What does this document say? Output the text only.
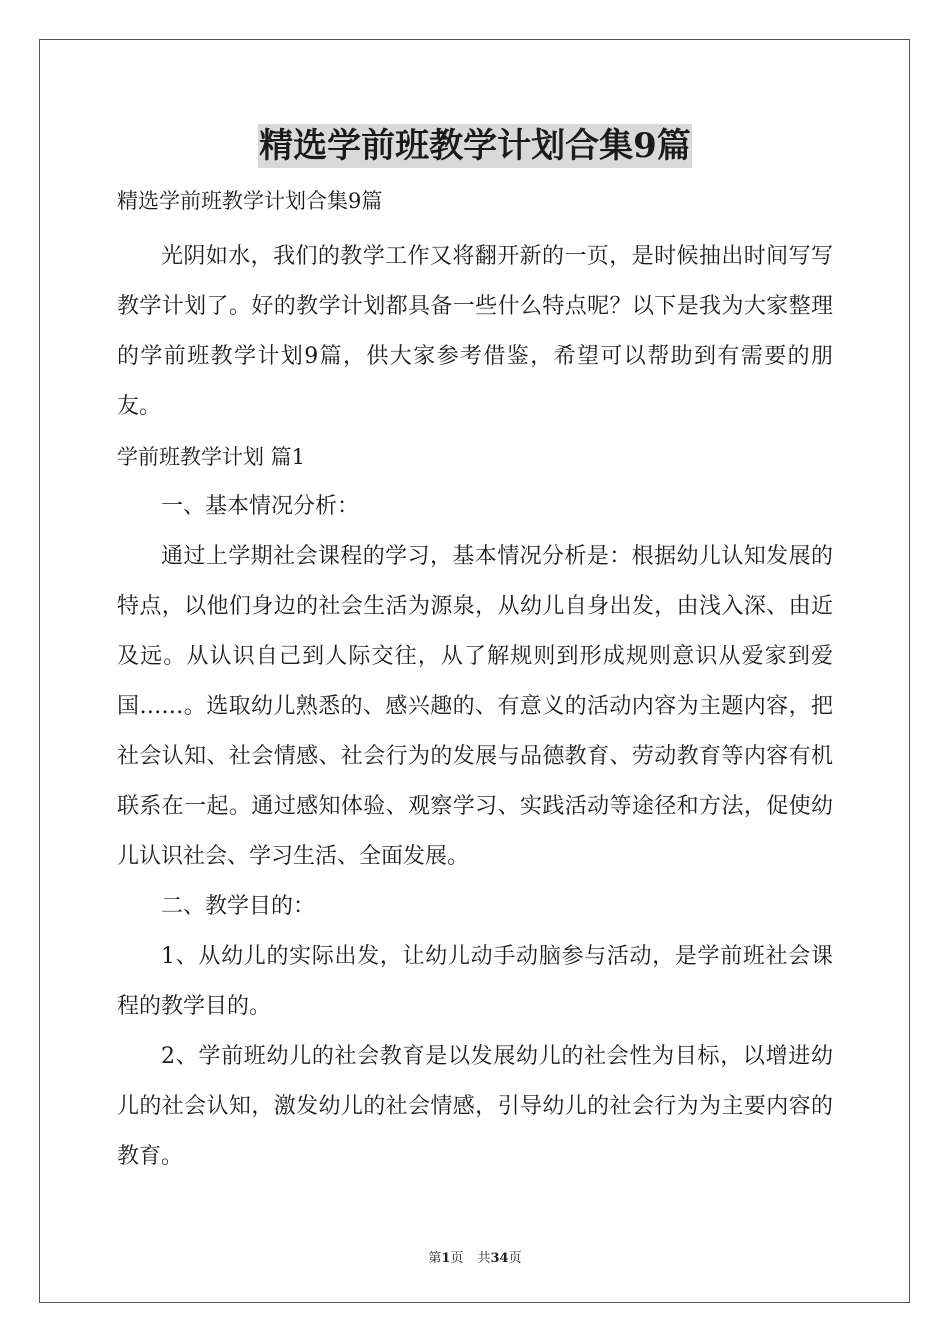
精选学前班教学计划合集9篇

精选学前班教学计划合集9篇

光阴如水，我们的教学工作又将翻开新的一页，是时候抽出时间写写教学计划了。好的教学计划都具备一些什么特点呢？以下是我为大家整理的学前班教学计划9篇，供大家参考借鉴，希望可以帮助到有需要的朋友。

学前班教学计划 篇1

一、基本情况分析：

通过上学期社会课程的学习，基本情况分析是：根据幼儿认知发展的特点，以他们身边的社会生活为源泉，从幼儿自身出发，由浅入深、由近及远。从认识自己到人际交往，从了解规则到形成规则意识从爱家到爱国……。选取幼儿熟悉的、感兴趣的、有意义的活动内容为主题内容，把社会认知、社会情感、社会行为的发展与品德教育、劳动教育等内容有机联系在一起。通过感知体验、观察学习、实践活动等途径和方法，促使幼儿认识社会、学习生活、全面发展。

二、教学目的：

1、从幼儿的实际出发，让幼儿动手动脑参与活动，是学前班社会课程的教学目的。

2、学前班幼儿的社会教育是以发展幼儿的社会性为目标，以增进幼儿的社会认知，激发幼儿的社会情感，引导幼儿的社会行为为主要内容的教育。

第1页 共34页
